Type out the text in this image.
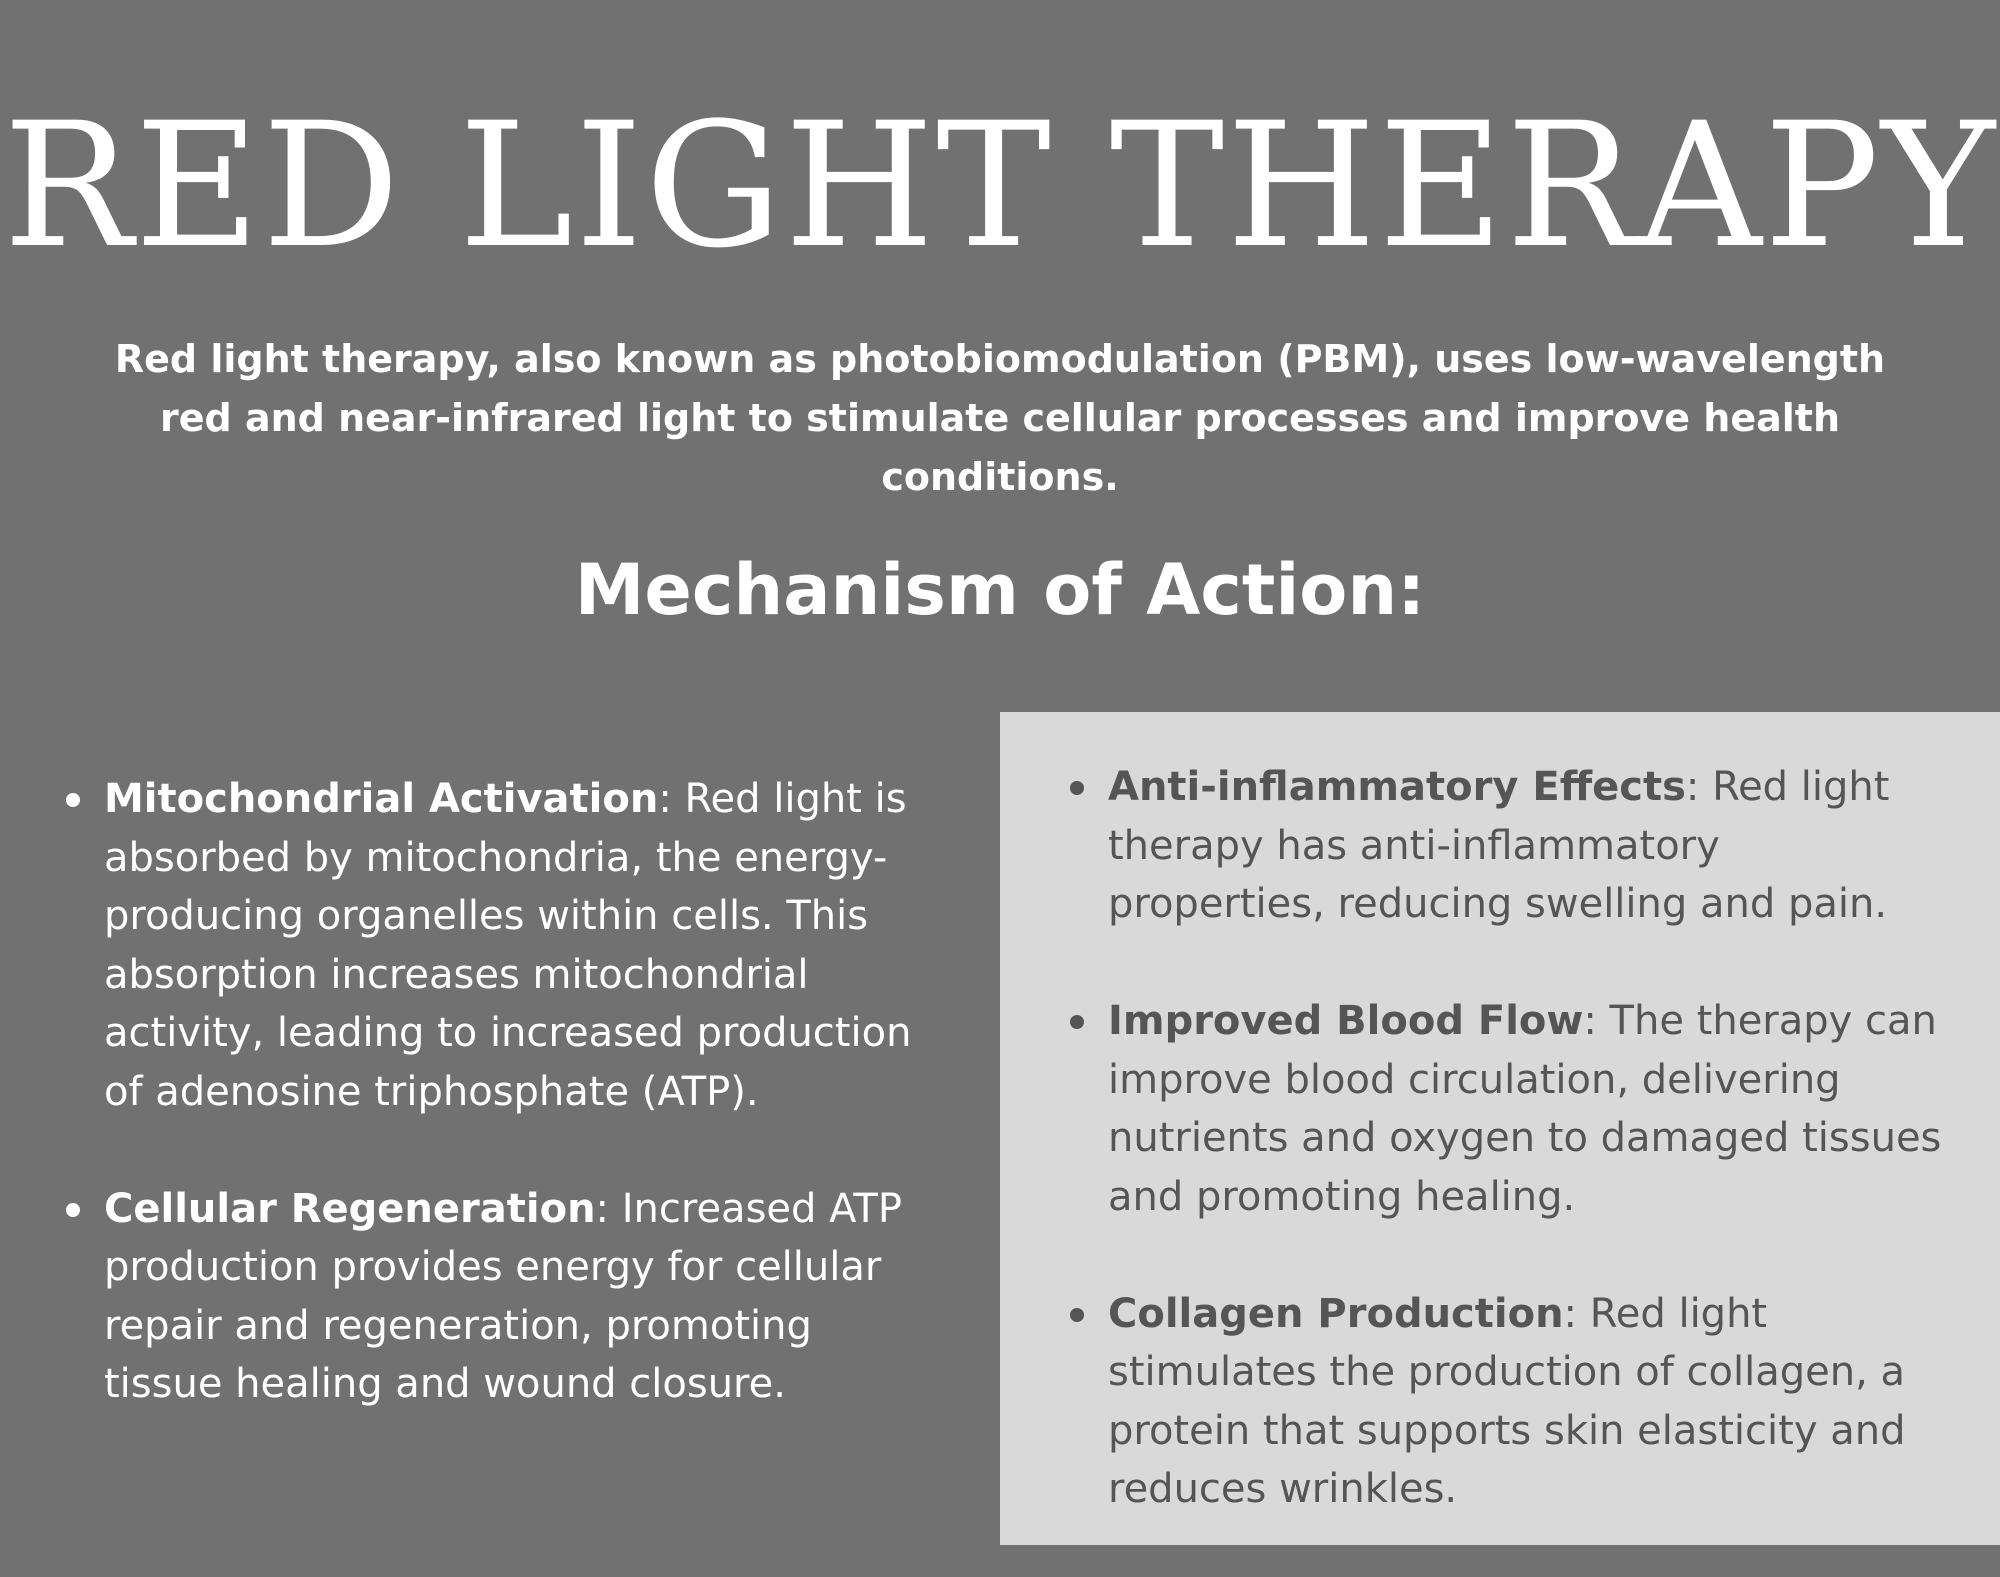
RED LIGHT THERAPY

Red light therapy, also known as photobiomodulation (PBM), uses low-wavelength red and near-infrared light to stimulate cellular processes and improve health conditions.

Mechanism of Action:
Mitochondrial Activation: Red light is absorbed by mitochondria, the energy-producing organelles within cells. This absorption increases mitochondrial activity, leading to increased production of adenosine triphosphate (ATP).
Cellular Regeneration: Increased ATP production provides energy for cellular repair and regeneration, promoting tissue healing and wound closure.
Anti-inflammatory Effects: Red light therapy has anti-inflammatory properties, reducing swelling and pain.
Improved Blood Flow: The therapy can improve blood circulation, delivering nutrients and oxygen to damaged tissues and promoting healing.
Collagen Production: Red light stimulates the production of collagen, a protein that supports skin elasticity and reduces wrinkles.
